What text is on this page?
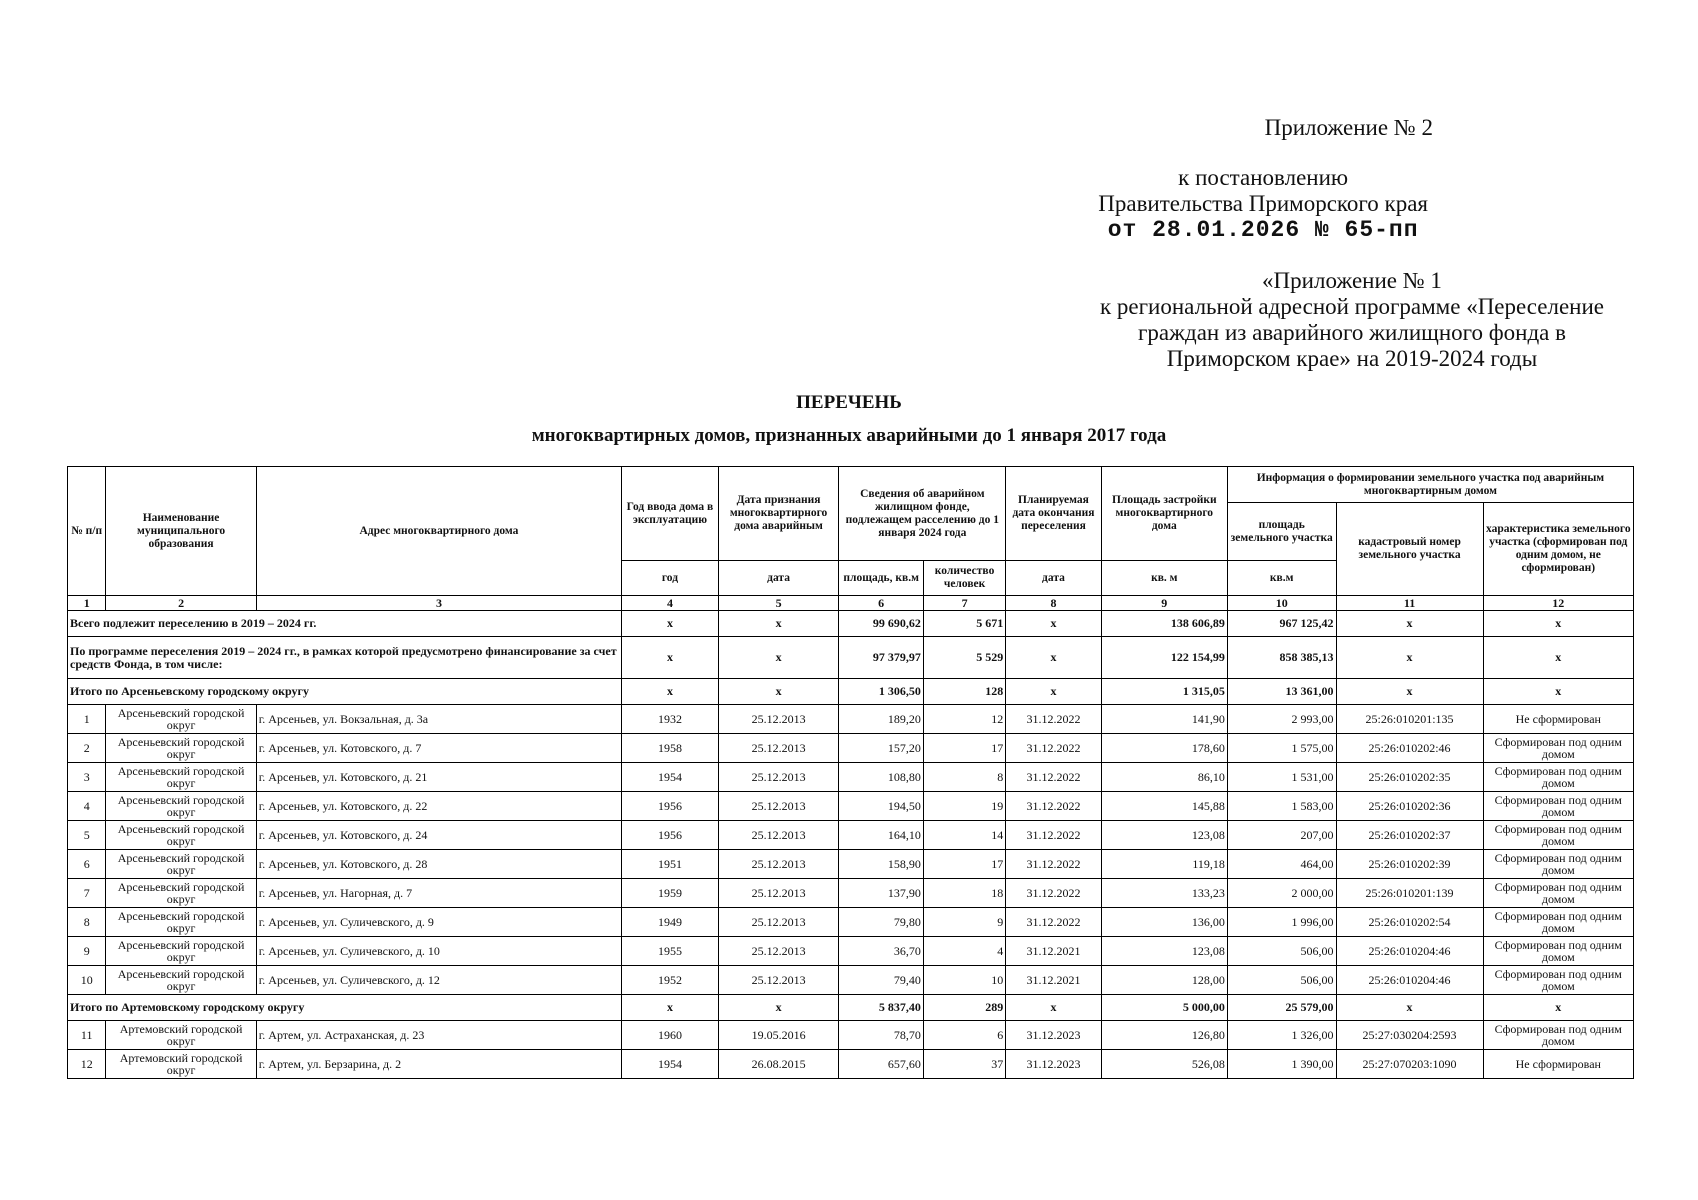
Приложение № 2
к постановлению
Правительства Приморского края
от 28.01.2026 № 65-пп
«Приложение № 1
к региональной адресной программе «Переселение
граждан из аварийного жилищного фонда в
Приморском крае» на 2019-2024 годы
ПЕРЕЧЕНЬ
многоквартирных домов, признанных аварийными до 1 января 2017 года
№ п/п	Наименование муниципального образования	Адрес многоквартирного дома	Год ввода дома в эксплуатацию	Дата признания многоквартирного дома аварийным	Сведения об аварийном жилищном фонде, подлежащем расселению до 1 января 2024 года		Планируемая дата окончания переселения	Площадь застройки многоквартирного дома	Информация о формировании земельного участка под аварийным многоквартирным домом		
									площадь земельного участка	кадастровый номер земельного участка	характеристика земельного участка (сформирован под одним домом, не сформирован)
			год	дата	площадь, кв.м	количество человек	дата	кв. м	кв.м		
1	2	3	4	5	6	7	8	9	10	11	12
Всего подлежит переселению в 2019 – 2024 гг.			x	x	99 690,62	5 671	x	138 606,89	967 125,42	x	x
По программе переселения 2019 – 2024 гг., в рамках которой предусмотрено финансирование за счет средств Фонда, в том числе:			x	x	97 379,97	5 529	x	122 154,99	858 385,13	x	x
Итого по Арсеньевскому городскому округу			x	x	1 306,50	128	x	1 315,05	13 361,00	x	x
1	Арсеньевский городской округ	г. Арсеньев, ул. Вокзальная, д. 3а	1932	25.12.2013	189,20	12	31.12.2022	141,90	2 993,00	25:26:010201:135	Не сформирован
2	Арсеньевский городской округ	г. Арсеньев, ул. Котовского, д. 7	1958	25.12.2013	157,20	17	31.12.2022	178,60	1 575,00	25:26:010202:46	Сформирован под одним домом
3	Арсеньевский городской округ	г. Арсеньев, ул. Котовского, д. 21	1954	25.12.2013	108,80	8	31.12.2022	86,10	1 531,00	25:26:010202:35	Сформирован под одним домом
4	Арсеньевский городской округ	г. Арсеньев, ул. Котовского, д. 22	1956	25.12.2013	194,50	19	31.12.2022	145,88	1 583,00	25:26:010202:36	Сформирован под одним домом
5	Арсеньевский городской округ	г. Арсеньев, ул. Котовского, д. 24	1956	25.12.2013	164,10	14	31.12.2022	123,08	207,00	25:26:010202:37	Сформирован под одним домом
6	Арсеньевский городской округ	г. Арсеньев, ул. Котовского, д. 28	1951	25.12.2013	158,90	17	31.12.2022	119,18	464,00	25:26:010202:39	Сформирован под одним домом
7	Арсеньевский городской округ	г. Арсеньев, ул. Нагорная, д. 7	1959	25.12.2013	137,90	18	31.12.2022	133,23	2 000,00	25:26:010201:139	Сформирован под одним домом
8	Арсеньевский городской округ	г. Арсеньев, ул. Суличевского, д. 9	1949	25.12.2013	79,80	9	31.12.2022	136,00	1 996,00	25:26:010202:54	Сформирован под одним домом
9	Арсеньевский городской округ	г. Арсеньев, ул. Суличевского, д. 10	1955	25.12.2013	36,70	4	31.12.2021	123,08	506,00	25:26:010204:46	Сформирован под одним домом
10	Арсеньевский городской округ	г. Арсеньев, ул. Суличевского, д. 12	1952	25.12.2013	79,40	10	31.12.2021	128,00	506,00	25:26:010204:46	Сформирован под одним домом
Итого по Артемовскому городскому округу			x	x	5 837,40	289	x	5 000,00	25 579,00	x	x
11	Артемовский городской округ	г. Артем, ул. Астраханская, д. 23	1960	19.05.2016	78,70	6	31.12.2023	126,80	1 326,00	25:27:030204:2593	Сформирован под одним домом
12	Артемовский городской округ	г. Артем, ул. Берзарина, д. 2	1954	26.08.2015	657,60	37	31.12.2023	526,08	1 390,00	25:27:070203:1090	Не сформирован
